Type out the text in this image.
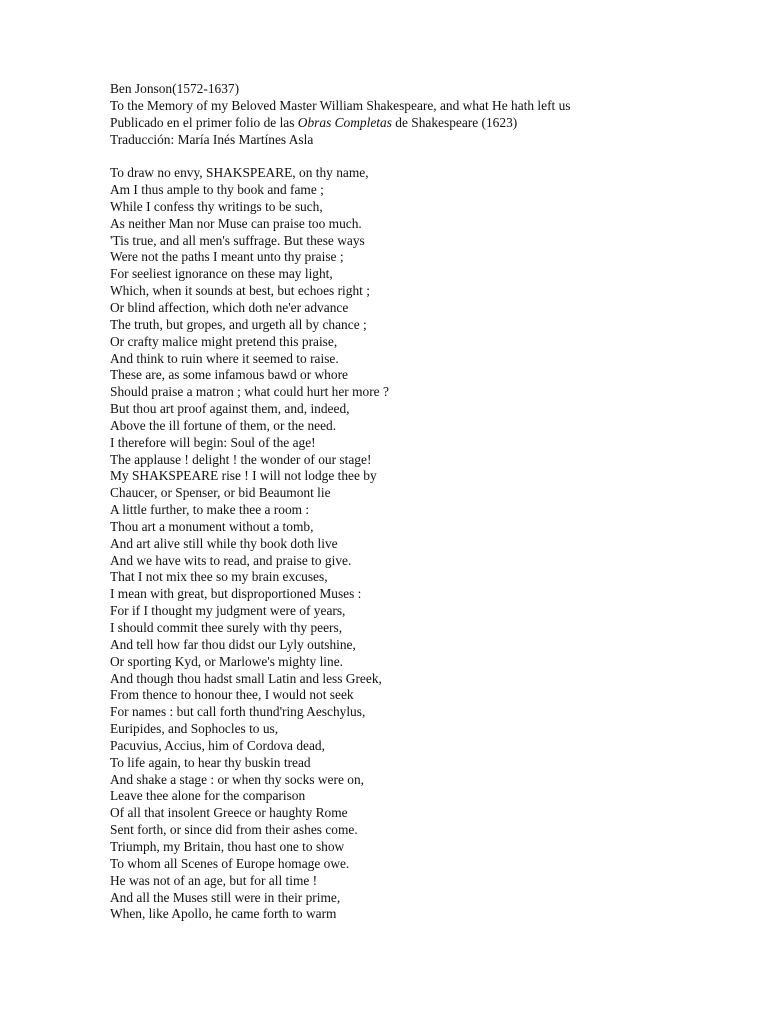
Ben Jonson(1572-1637)
To the Memory of my Beloved Master William Shakespeare, and what He hath left us
Publicado en el primer folio de las Obras Completas de Shakespeare (1623)
Traducción: María Inés Martínes Asla
To draw no envy, SHAKSPEARE, on thy name,
Am I thus ample to thy book and fame ;
While I confess thy writings to be such,
As neither Man nor Muse can praise too much.
'Tis true, and all men's suffrage. But these ways
Were not the paths I meant unto thy praise ;
For seeliest ignorance on these may light,
Which, when it sounds at best, but echoes right ;
Or blind affection, which doth ne'er advance
The truth, but gropes, and urgeth all by chance ;
Or crafty malice might pretend this praise,
And think to ruin where it seemed to raise.
These are, as some infamous bawd or whore
Should praise a matron ; what could hurt her more ?
But thou art proof against them, and, indeed,
Above the ill fortune of them, or the need.
I therefore will begin: Soul of the age!
The applause ! delight ! the wonder of our stage!
My SHAKSPEARE rise ! I will not lodge thee by
Chaucer, or Spenser, or bid Beaumont lie
A little further, to make thee a room :
Thou art a monument without a tomb,
And art alive still while thy book doth live
And we have wits to read, and praise to give.
That I not mix thee so my brain excuses,
I mean with great, but disproportioned Muses :
For if I thought my judgment were of years,
I should commit thee surely with thy peers,
And tell how far thou didst our Lyly outshine,
Or sporting Kyd, or Marlowe's mighty line.
And though thou hadst small Latin and less Greek,
From thence to honour thee, I would not seek
For names : but call forth thund'ring Aeschylus,
Euripides, and Sophocles to us,
Pacuvius, Accius, him of Cordova dead,
To life again, to hear thy buskin tread
And shake a stage : or when thy socks were on,
Leave thee alone for the comparison
Of all that insolent Greece or haughty Rome
Sent forth, or since did from their ashes come.
Triumph, my Britain, thou hast one to show
To whom all Scenes of Europe homage owe.
He was not of an age, but for all time !
And all the Muses still were in their prime,
When, like Apollo, he came forth to warm
